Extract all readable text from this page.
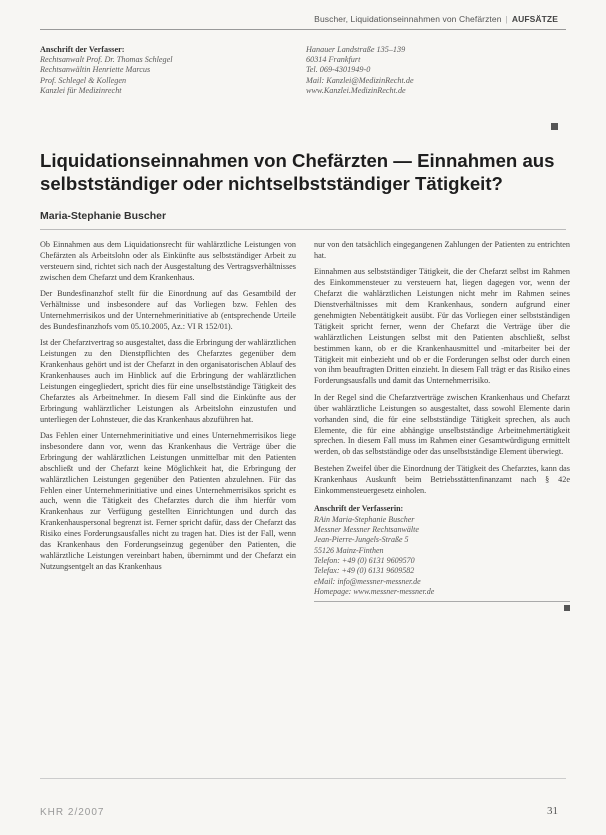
Buscher, Liquidationseinnahmen von Chefärzten | AUFSÄTZE
Anschrift der Verfasser:
Rechtsanwalt Prof. Dr. Thomas Schlegel
Rechtsanwältin Henriette Marcus
Prof. Schlegel & Kollegen
Kanzlei für Medizinrecht
Hanauer Landstraße 135–139
60314 Frankfurt
Tel. 069-4301949-0
Mail: Kanzlei@MedizinRecht.de
www.Kanzlei.MedizinRecht.de
Liquidationseinnahmen von Chefärzten — Einnahmen aus selbstständiger oder nichtselbstständiger Tätigkeit?
Maria-Stephanie Buscher

Ob Einnahmen aus dem Liquidationsrecht für wahlärztliche Leistungen von Chefärzten als Arbeitslohn oder als Einkünfte aus selbstständiger Arbeit zu versteuern sind, richtet sich nach der Ausgestaltung des Vertragsverhältnisses zwischen dem Chefarzt und dem Krankenhaus.

Der Bundesfinanzhof stellt für die Einordnung auf das Gesamtbild der Verhältnisse und insbesondere auf das Vorliegen bzw. Fehlen des Unternehmerrisikos und der Unternehmerinitiative ab (entsprechende Urteile des Bundesfinanzhofs vom 05.10.2005, Az.: VI R 152/01).

Ist der Chefarztvertrag so ausgestaltet, dass die Erbringung der wahlärztlichen Leistungen zu den Dienstpflichten des Chefarztes gegenüber dem Krankenhaus gehört und ist der Chefarzt in den organisatorischen Ablauf des Krankenhauses auch im Hinblick auf die Erbringung der wahlärztlichen Leistungen eingegliedert, spricht dies für eine unselbstständige Tätigkeit des Chefarztes als Arbeitnehmer. In diesem Fall sind die Einkünfte aus der Erbringung wahlärztlicher Leistungen als Arbeitslohn einzustufen und unterliegen der Lohnsteuer, die das Krankenhaus abzuführen hat.

Das Fehlen einer Unternehmerinitiative und eines Unternehmerrisikos liege insbesondere dann vor, wenn das Krankenhaus die Verträge über die Erbringung der wahlärztlichen Leistungen unmittelbar mit den Patienten abschließt und der Chefarzt keine Möglichkeit hat, die Erbringung der wahlärztlichen Leistungen gegenüber den Patienten abzulehnen. Für das Fehlen einer Unternehmerinitiative und eines Unternehmerrisikos spricht es auch, wenn die Tätigkeit des Chefarztes durch die ihm hierfür vom Krankenhaus zur Verfügung gestellten Einrichtungen und durch das Krankenhauspersonal begrenzt ist. Ferner spricht dafür, dass der Chefarzt das Risiko eines Forderungsausfalles nicht zu tragen hat. Dies ist der Fall, wenn das Krankenhaus den Forderungseinzug gegenüber den Patienten, die wahlärztliche Leistungen vereinbart haben, übernimmt und der Chefarzt ein Nutzungsentgelt an das Krankenhaus

nur von den tatsächlich eingegangenen Zahlungen der Patienten zu entrichten hat.

Einnahmen aus selbstständiger Tätigkeit, die der Chefarzt selbst im Rahmen des Einkommensteuer zu versteuern hat, liegen dagegen vor, wenn der Chefarzt die wahlärztlichen Leistungen nicht mehr im Rahmen seines Dienstverhältnisses mit dem Krankenhaus, sondern aufgrund einer genehmigten Nebentätigkeit ausübt. Für das Vorliegen einer selbstständigen Tätigkeit spricht ferner, wenn der Chefarzt die Verträge über die wahlärztlichen Leistungen selbst mit den Patienten abschließt, selbst bestimmen kann, ob er die Krankenhausmittel und -mitarbeiter bei der Tätigkeit mit einbezieht und ob er die Forderungen selbst oder durch einen von ihm beauftragten Dritten einzieht. In diesem Fall trägt er das Risiko eines Forderungsausfalls und damit das Unternehmerrisiko.

In der Regel sind die Chefarztverträge zwischen Krankenhaus und Chefarzt über wahlärztliche Leistungen so ausgestaltet, dass sowohl Elemente darin vorhanden sind, die für eine selbstständige Tätigkeit sprechen, als auch Elemente, die für eine abhängige unselbstständige Arbeitnehmertätigkeit sprechen. In diesem Fall muss im Rahmen einer Gesamtwürdigung ermittelt werden, ob das selbstständige oder das unselbstständige Element überwiegt.

Bestehen Zweifel über die Einordnung der Tätigkeit des Chefarztes, kann das Krankenhaus Auskunft beim Betriebsstättenfinanzamt nach § 42e Einkommensteuergesetz einholen.

Anschrift der Verfasserin:
RAin Maria-Stephanie Buscher
Messner Messner Rechtsanwälte
Jean-Pierre-Jungels-Straße 5
55126 Mainz-Finthen
Telefon: +49 (0) 6131 9609570
Telefax: +49 (0) 6131 9609582
eMail: info@messner-messner.de
Homepage: www.messner-messner.de
KHR 2/2007	31
